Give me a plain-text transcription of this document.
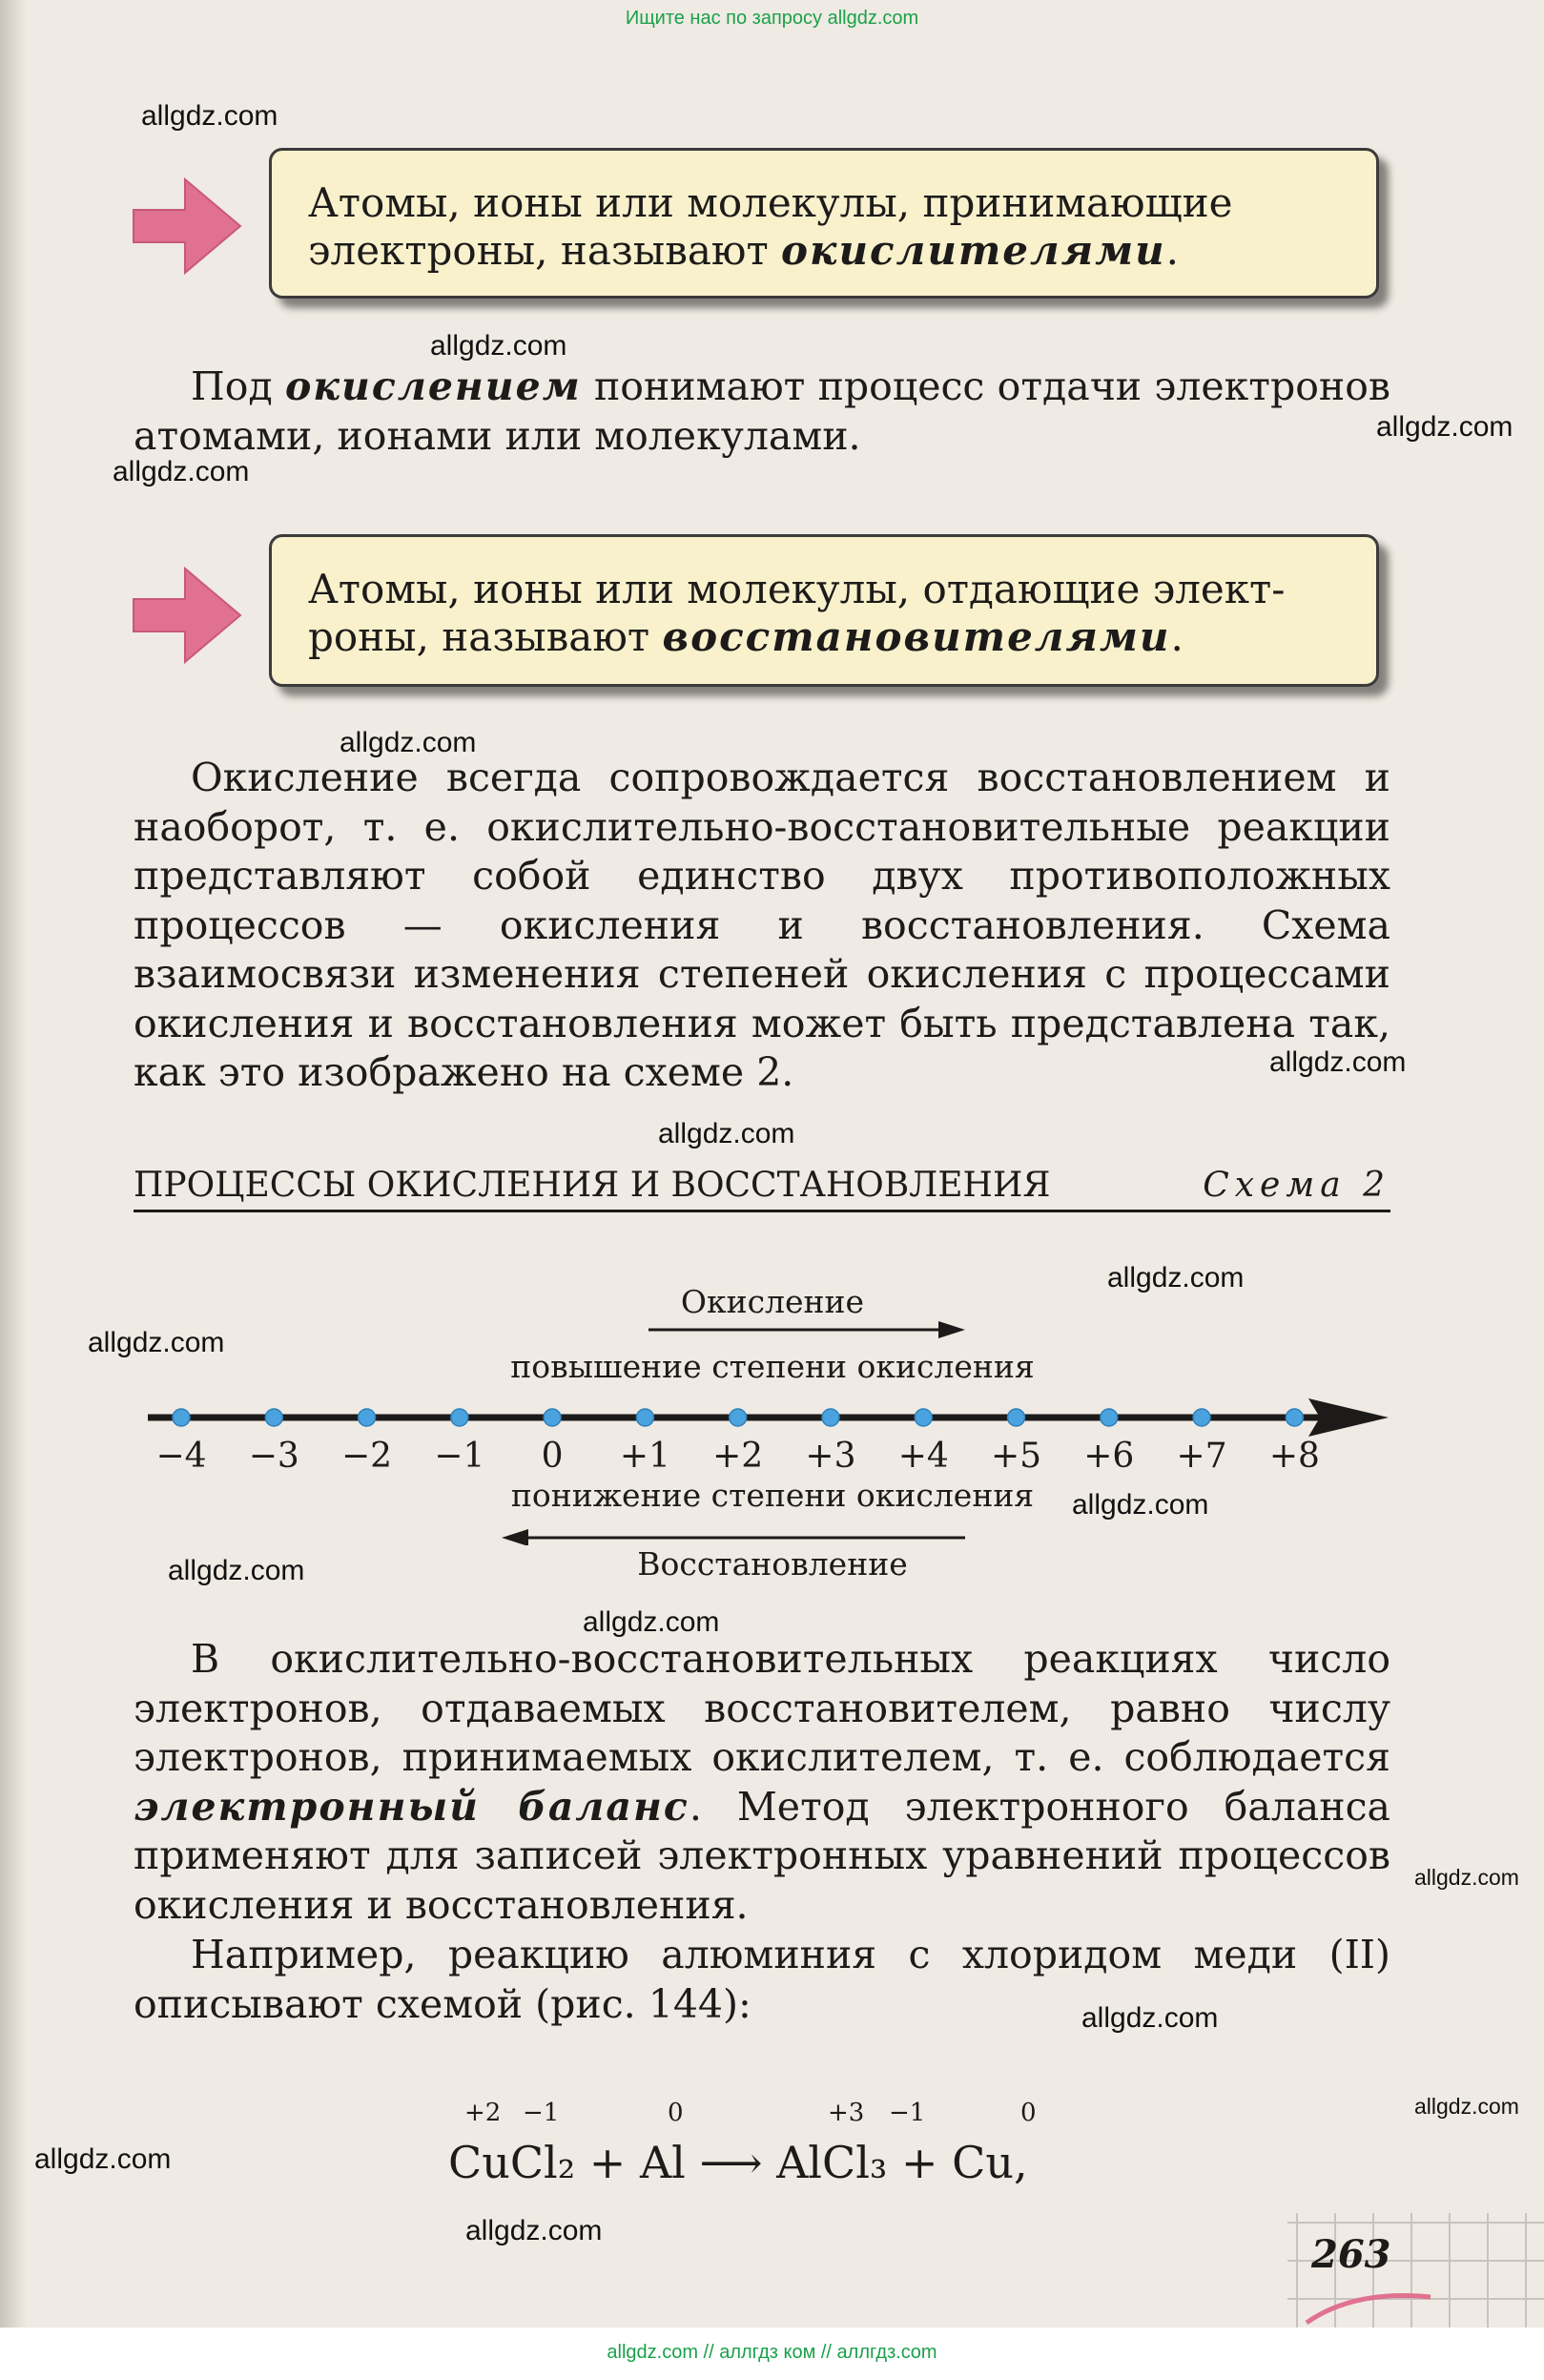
Ищите нас по запросу allgdz.com
allgdz.com
allgdz.com
allgdz.com
allgdz.com
allgdz.com
allgdz.com
allgdz.com
allgdz.com
allgdz.com
allgdz.com
allgdz.com
allgdz.com
allgdz.com
allgdz.com
allgdz.com
allgdz.com
allgdz.com
Атомы, ионы или молекулы, принимающие
электроны, называют окислителями.
Под окислением понимают процесс отдачи электронов атомами, ионами или молекулами.
Атомы, ионы или молекулы, отдающие элект-
роны, называют восстановителями.
Окисление всегда сопровождается восстановлением и наоборот, т. е. окислительно-восстановительные реакции представляют собой единство двух противоположных процессов — окисления и восстановления. Схема взаимосвязи изменения степеней окисления с процессами окисления и восстановления может быть представлена так, как это изображено на схеме 2.
ПРОЦЕССЫ ОКИСЛЕНИЯ И ВОССТАНОВЛЕНИЯ	Схема 2
Окисление
повышение степени окисления
понижение степени окисления
Восстановление
−4 −3 −2 −1 0 +1 +2 +3 +4 +5 +6 +7 +8
В окислительно-восстановительных реакциях число электронов, отдаваемых восстановителем, равно числу электронов, принимаемых окислителем, т. е. соблюдается электронный баланс. Метод электронного баланса применяют для записей электронных уравнений процессов окисления и восстановления.
Например, реакцию алюминия с хлоридом меди (II) описывают схемой (рис. 144):
+2 −1	0	+3 −1	0
CuCl₂ + Al ⟶ AlCl₃ + Cu,
263
allgdz.com // аллгдз ком // аллгдз.com
